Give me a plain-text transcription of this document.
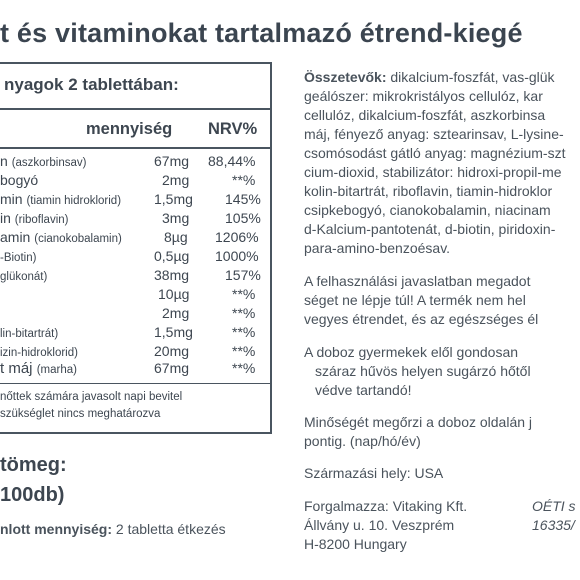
t és vitaminokat tartalmazó étrend-kiegé
nyagok 2 tablettában:
mennyiség NRV%
n (aszkorbinsav)	67mg 88,44%
bogyó	2mg	**%
min (tiamin hidroklorid) 1,5mg 145%
in (riboflavin)	3mg	105%
amin (cianokobalamin)	8µg 1206%
-Biotin)	0,5µg 1000%
glükonát)	38mg	157%
10µg	**%
2mg	**%
lin-bitartrát)	1,5mg	**%
izin-hidroklorid)	20mg	**%
t máj (marha)	67mg	**%
nőttek számára javasolt napi bevitel
szükséglet nincs meghatározva
tömeg:
100db)
nlott mennyiség: 2 tabletta étkezés
Összetevők: dikalcium-foszfát, vas-glük
geálószer: mikrokristályos cellulóz, kar
cellulóz, dikalcium-foszfát, aszkorbinsa
máj, fényező anyag: sztearinsav, L-lysine-
csomósodást gátló anyag: magnézium-szt
cium-dioxid, stabilizátor: hidroxi-propil-me
kolin-bitartrát, riboflavin, tiamin-hidroklor
csipkebogyó, cianokobalamin, niacinam
d-Kalcium-pantotenát, d-biotin, piridoxin-
para-amino-benzoésav.
A felhasználási javaslatban megadot
séget ne lépje túl! A termék nem hel
vegyes étrendet, és az egészséges él
A doboz gyermekek elől gondosan
száraz hűvös helyen sugárzó hőtől
védve tartandó!
Minőségét megőrzi a doboz oldalán j
pontig. (nap/hó/év)
Származási hely: USA
Forgalmazza: Vitaking Kft.
Állvány u. 10. Veszprém
H-8200 Hungary
OÉTI s
16335/
